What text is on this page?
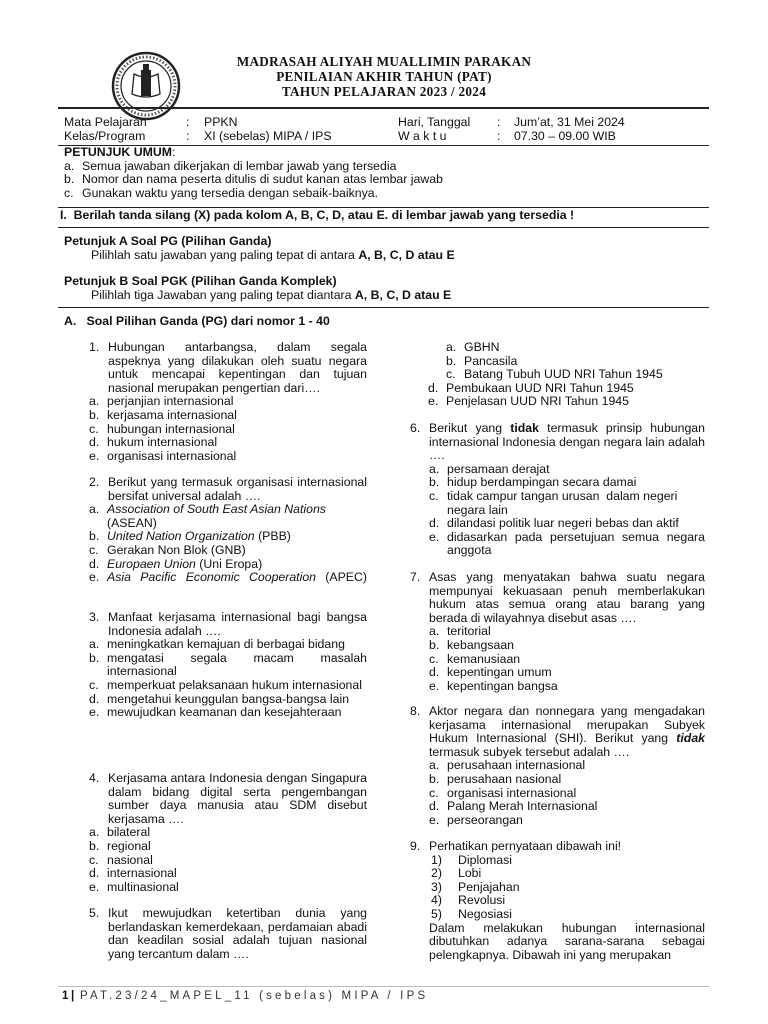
MADRASAH ALIYAH MUALLIMIN PARAKAN
PENILAIAN AKHIR TAHUN (PAT)
TAHUN PELAJARAN 2023 / 2024
Mata Pelajaran	: PPKN	Hari, Tanggal : Jum’at, 31 Mei 2024
Kelas/Program	: XI (sebelas) MIPA / IPS	W a k t u	: 07.30 – 09.00 WIB
PETUNJUK UMUM:
a. Semua jawaban dikerjakan di lembar jawab yang tersedia
b. Nomor dan nama peserta ditulis di sudut kanan atas lembar jawab
c. Gunakan waktu yang tersedia dengan sebaik-baiknya.
I.  Berilah tanda silang (X) pada kolom A, B, C, D, atau E. di lembar jawab yang tersedia !
Petunjuk A Soal PG (Pilihan Ganda)
Pilihlah satu jawaban yang paling tepat di antara A, B, C, D atau E
Petunjuk B Soal PGK (Pilihan Ganda Komplek)
Pilihlah tiga Jawaban yang paling tepat diantara A, B, C, D atau E
A.   Soal Pilihan Ganda (PG) dari nomor 1 - 40
1. Hubungan antarbangsa, dalam segala aspeknya yang dilakukan oleh suatu negara untuk mencapai kepentingan dan tujuan nasional merupakan pengertian dari….
a. perjanjian internasional
b. kerjasama internasional
c. hubungan internasional
d. hukum internasional
e. organisasi internasional
2. Berikut yang termasuk organisasi internasional bersifat universal adalah ….
a. Association of South East Asian Nations (ASEAN)
b. United Nation Organization (PBB)
c. Gerakan Non Blok (GNB)
d. Europaen Union (Uni Eropa)
e. Asia Pacific Economic Cooperation (APEC)
3. Manfaat kerjasama internasional bagi bangsa Indonesia adalah ….
a. meningkatkan kemajuan di berbagai bidang
b. mengatasi segala macam masalah internasional
c. memperkuat pelaksanaan hukum internasional
d. mengetahui keunggulan bangsa-bangsa lain
e. mewujudkan keamanan dan kesejahteraan
4. Kerjasama antara Indonesia dengan Singapura dalam bidang digital serta pengembangan sumber daya manusia atau SDM disebut kerjasama ….
a. bilateral
b. regional
c. nasional
d. internasional
e. multinasional
5. Ikut mewujudkan ketertiban dunia yang berlandaskan kemerdekaan, perdamaian abadi dan keadilan sosial adalah tujuan nasional yang tercantum dalam ….
a. GBHN
b. Pancasila
c. Batang Tubuh UUD NRI Tahun 1945
d. Pembukaan UUD NRI Tahun 1945
e. Penjelasan UUD NRI Tahun 1945
6. Berikut yang tidak termasuk prinsip hubungan internasional Indonesia dengan negara lain adalah ….
a. persamaan derajat
b. hidup berdampingan secara damai
c. tidak campur tangan urusan  dalam negeri negara lain
d. dilandasi politik luar negeri bebas dan aktif
e. didasarkan pada persetujuan semua negara anggota
7. Asas yang menyatakan bahwa suatu negara mempunyai kekuasaan penuh memberlakukan hukum atas semua orang atau barang yang berada di wilayahnya disebut asas ….
a. teritorial
b. kebangsaan
c. kemanusiaan
d. kepentingan umum
e. kepentingan bangsa
8. Aktor negara dan nonnegara yang mengadakan kerjasama internasional merupakan Subyek Hukum Internasional (SHI). Berikut yang tidak termasuk subyek tersebut adalah ….
a. perusahaan internasional
b. perusahaan nasional
c. organisasi internasional
d. Palang Merah Internasional
e. perseorangan
9. Perhatikan pernyataan dibawah ini!
1)	Diplomasi
2)	Lobi
3)	Penjajahan
4)	Revolusi
5)	Negosiasi
Dalam melakukan hubungan internasional dibutuhkan adanya sarana-sarana sebagai pelengkapnya. Dibawah ini yang merupakan
1 | PAT.23/24_MAPEL_11 (sebelas) MIPA / IPS
